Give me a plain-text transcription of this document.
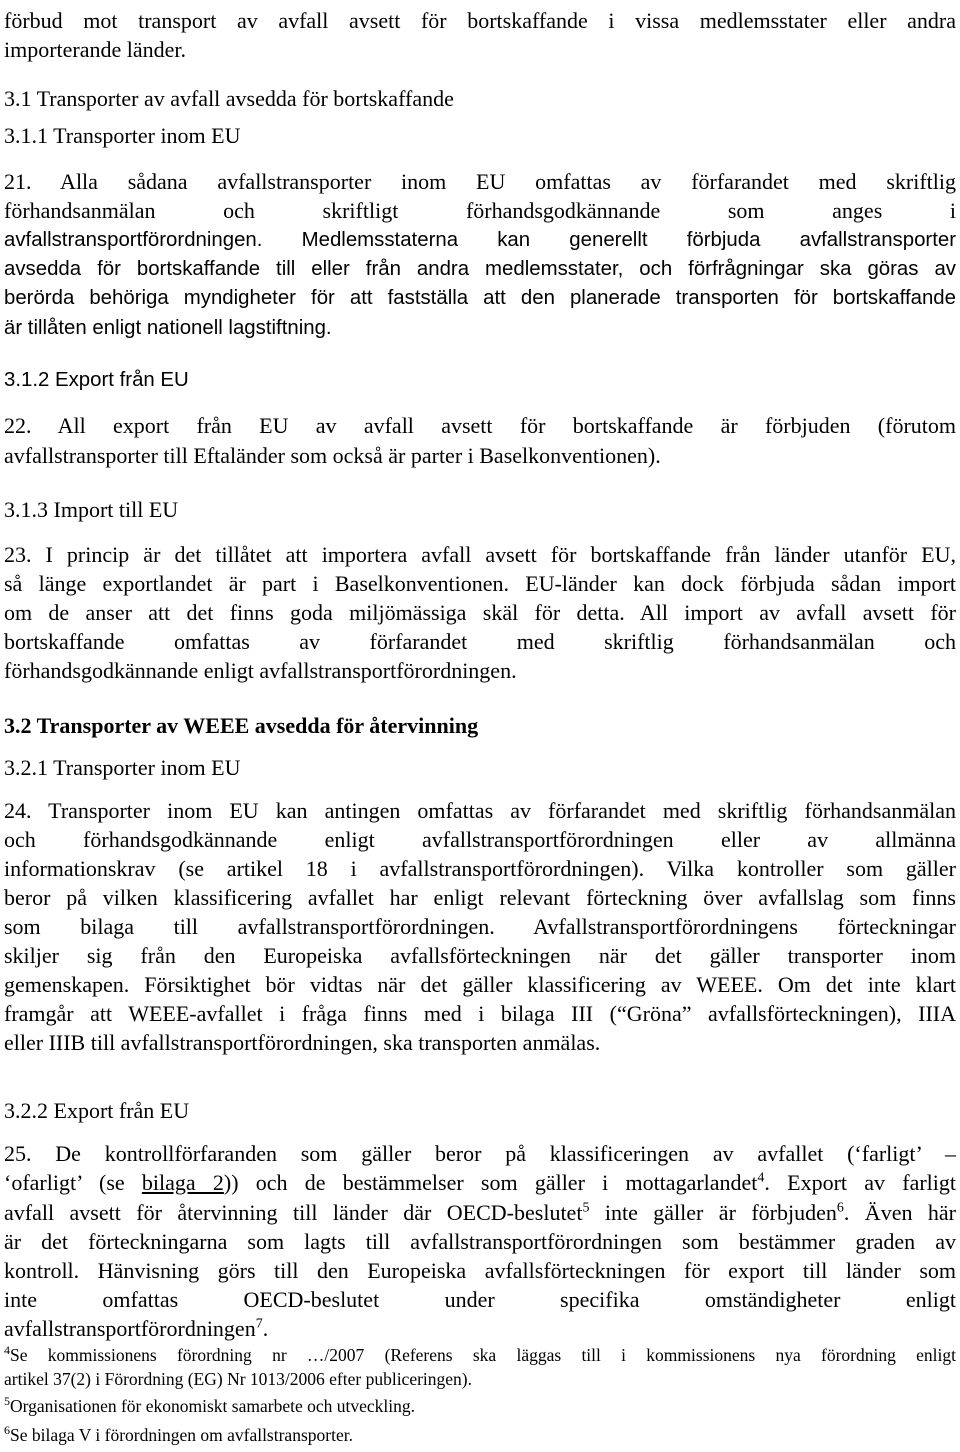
förbud mot transport av avfall avsett för bortskaffande i vissa medlemsstater eller andra

importerande länder.

3.1 Transporter av avfall avsedda för bortskaffande

3.1.1 Transporter inom EU

21. Alla sådana avfallstransporter inom EU omfattas av förfarandet med skriftlig

förhandsanmälan och skriftligt förhandsgodkännande som anges i

avfallstransportförordningen. Medlemsstaterna kan generellt förbjuda avfallstransporter

avsedda för bortskaffande till eller från andra medlemsstater, och förfrågningar ska göras av

berörda behöriga myndigheter för att fastställa att den planerade transporten för bortskaffande

är tillåten enligt nationell lagstiftning.

3.1.2 Export från EU

22. All export från EU av avfall avsett för bortskaffande är förbjuden (förutom

avfallstransporter till Eftaländer som också är parter i Baselkonventionen).

3.1.3 Import till EU

23. I princip är det tillåtet att importera avfall avsett för bortskaffande från länder utanför EU,

så länge exportlandet är part i Baselkonventionen. EU-länder kan dock förbjuda sådan import

om de anser att det finns goda miljömässiga skäl för detta. All import av avfall avsett för

bortskaffande omfattas av förfarandet med skriftlig förhandsanmälan och

förhandsgodkännande enligt avfallstransportförordningen.

3.2 Transporter av WEEE avsedda för återvinning

3.2.1 Transporter inom EU

24. Transporter inom EU kan antingen omfattas av förfarandet med skriftlig förhandsanmälan

och förhandsgodkännande enligt avfallstransportförordningen eller av allmänna

informationskrav (se artikel 18 i avfallstransportförordningen). Vilka kontroller som gäller

beror på vilken klassificering avfallet har enligt relevant förteckning över avfallslag som finns

som bilaga till avfallstransportförordningen. Avfallstransportförordningens förteckningar

skiljer sig från den Europeiska avfallsförteckningen när det gäller transporter inom

gemenskapen. Försiktighet bör vidtas när det gäller klassificering av WEEE. Om det inte klart

framgår att WEEE-avfallet i fråga finns med i bilaga III (“Gröna” avfallsförteckningen), IIIA

eller IIIB till avfallstransportförordningen, ska transporten anmälas.

3.2.2 Export från EU

25. De kontrollförfaranden som gäller beror på klassificeringen av avfallet (‘farligt’ –

‘ofarligt’ (se bilaga 2)) och de bestämmelser som gäller i mottagarlandet$^4$. Export av farligt

avfall avsett för återvinning till länder där OECD-beslutet$^5$ inte gäller är förbjuden$^6$. Även här

är det förteckningarna som lagts till avfallstransportförordningen som bestämmer graden av

kontroll. Hänvisning görs till den Europeiska avfallsförteckningen för export till länder som

inte omfattas OECD-beslutet under specifika omständigheter enligt

avfallstransportförordningen$^7$.

$^4$Se kommissionens förordning nr …/2007 (Referens ska läggas till i kommissionens nya förordning enligt

artikel 37(2) i Förordning (EG) Nr 1013/2006 efter publiceringen).

$^5$Organisationen för ekonomiskt samarbete och utveckling.

$^6$Se bilaga V i förordningen om avfallstransporter.
